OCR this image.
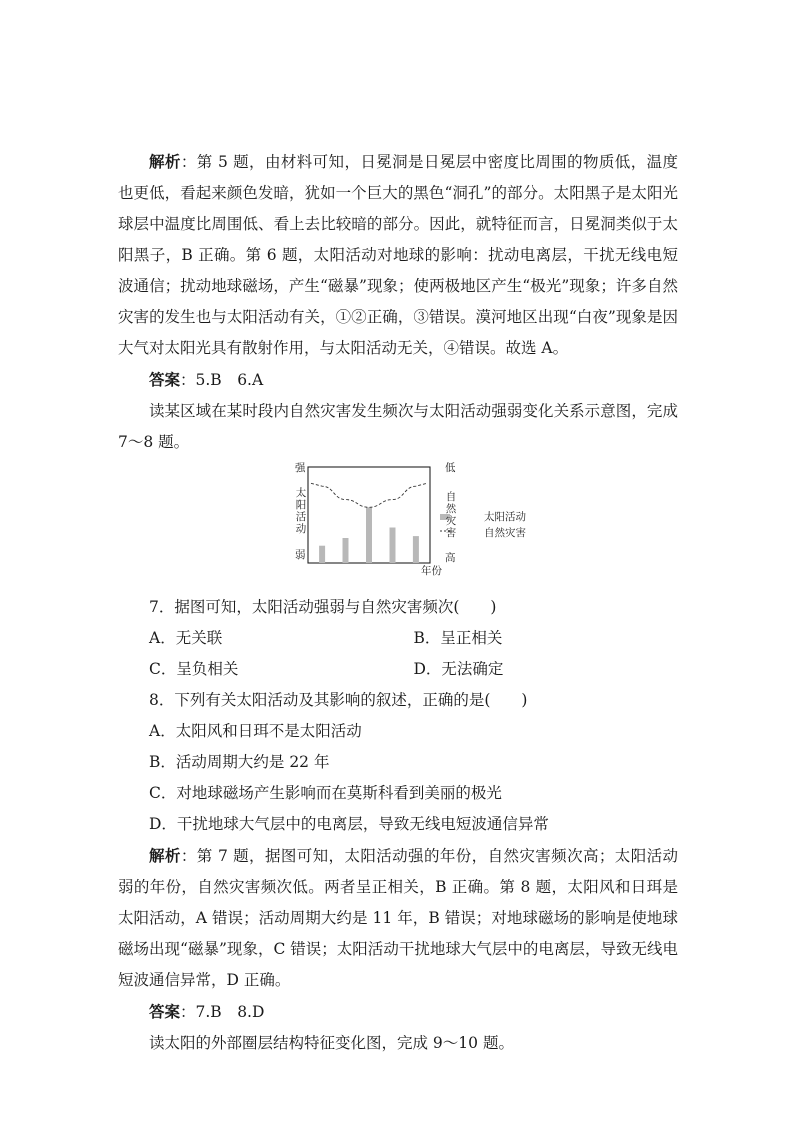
解析：第 5 题，由材料可知，日冕洞是日冕层中密度比周围的物质低，温度也更低，看起来颜色发暗，犹如一个巨大的黑色“洞孔”的部分。太阳黑子是太阳光球层中温度比周围低、看上去比较暗的部分。因此，就特征而言，日冕洞类似于太阳黑子，B 正确。第 6 题，太阳活动对地球的影响：扰动电离层，干扰无线电短波通信；扰动地球磁场，产生“磁暴”现象；使两极地区产生“极光”现象；许多自然灾害的发生也与太阳活动有关，①②正确，③错误。漠河地区出现“白夜”现象是因大气对太阳光具有散射作用，与太阳活动无关，④错误。故选 A。

答案：5.B　6.A

读某区域在某时段内自然灾害发生频次与太阳活动强弱变化关系示意图，完成 7～8 题。

强
太阳活动
弱
低
自然灾害
高
年份
太阳活动
自然灾害

7．据图可知，太阳活动强弱与自然灾害频次(　　)

A．无关联	B．呈正相关
C．呈负相关	D．无法确定

8．下列有关太阳活动及其影响的叙述，正确的是(　　)

A．太阳风和日珥不是太阳活动

B．活动周期大约是 22 年

C．对地球磁场产生影响而在莫斯科看到美丽的极光

D．干扰地球大气层中的电离层，导致无线电短波通信异常

解析：第 7 题，据图可知，太阳活动强的年份，自然灾害频次高；太阳活动弱的年份，自然灾害频次低。两者呈正相关，B 正确。第 8 题，太阳风和日珥是太阳活动，A 错误；活动周期大约是 11 年，B 错误；对地球磁场的影响是使地球磁场出现“磁暴”现象，C 错误；太阳活动干扰地球大气层中的电离层，导致无线电短波通信异常，D 正确。

答案：7.B　8.D

读太阳的外部圈层结构特征变化图，完成 9～10 题。
